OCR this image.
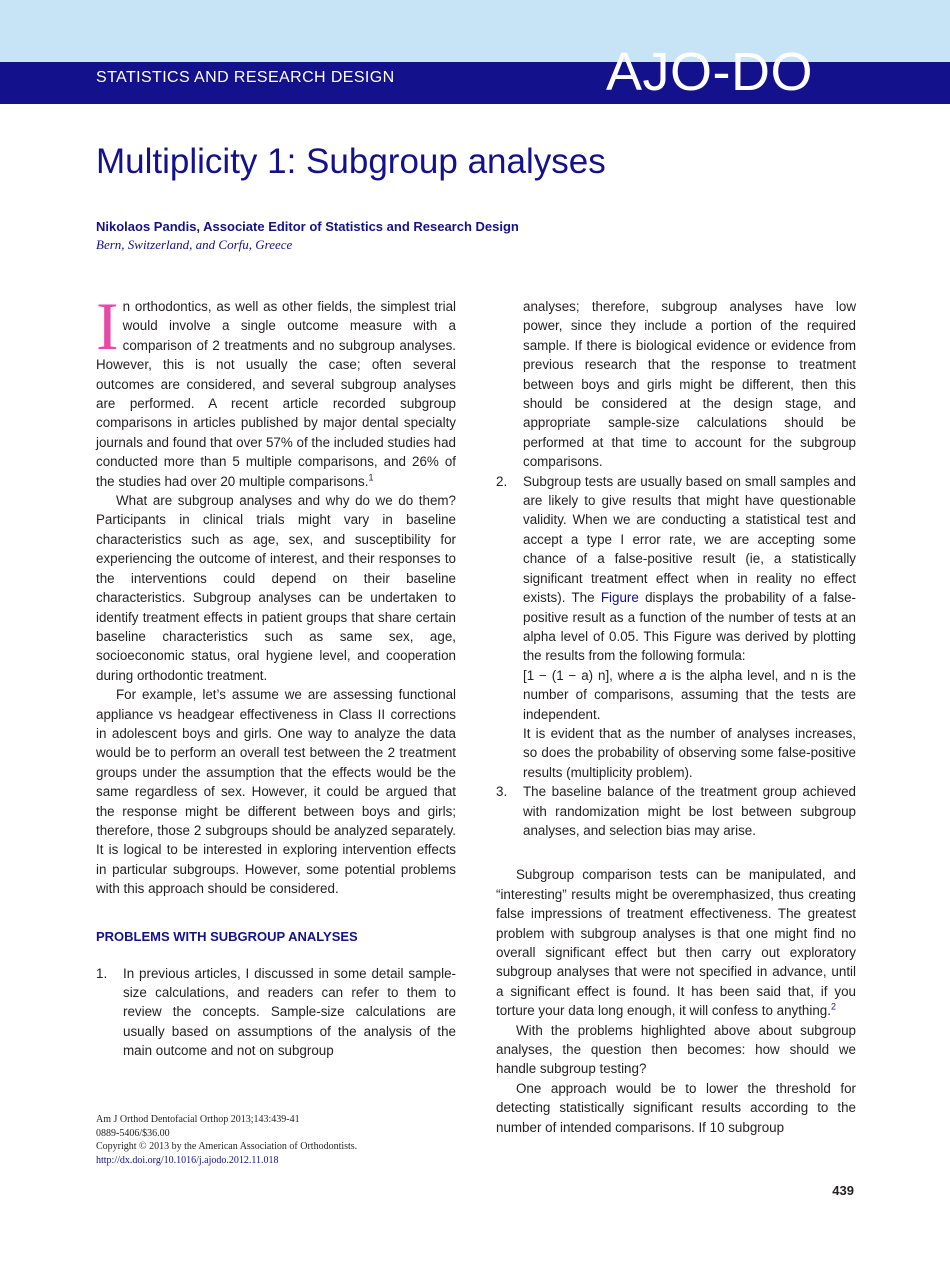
STATISTICS AND RESEARCH DESIGN	AJO-DO
Multiplicity 1: Subgroup analyses
Nikolaos Pandis, Associate Editor of Statistics and Research Design
Bern, Switzerland, and Corfu, Greece

In orthodontics, as well as other fields, the simplest trial would involve a single outcome measure with a comparison of 2 treatments and no subgroup analyses. However, this is not usually the case; often several outcomes are considered, and several subgroup analyses are performed. A recent article recorded subgroup comparisons in articles published by major dental specialty journals and found that over 57% of the included studies had conducted more than 5 multiple comparisons, and 26% of the studies had over 20 multiple comparisons.$^1$

What are subgroup analyses and why do we do them? Participants in clinical trials might vary in baseline characteristics such as age, sex, and susceptibility for experiencing the outcome of interest, and their responses to the interventions could depend on their baseline characteristics. Subgroup analyses can be undertaken to identify treatment effects in patient groups that share certain baseline characteristics such as same sex, age, socioeconomic status, oral hygiene level, and cooperation during orthodontic treatment.

For example, let’s assume we are assessing functional appliance vs headgear effectiveness in Class II corrections in adolescent boys and girls. One way to analyze the data would be to perform an overall test between the 2 treatment groups under the assumption that the effects would be the same regardless of sex. However, it could be argued that the response might be different between boys and girls; therefore, those 2 subgroups should be analyzed separately. It is logical to be interested in exploring intervention effects in particular subgroups. However, some potential problems with this approach should be considered.

PROBLEMS WITH SUBGROUP ANALYSES
1. In previous articles, I discussed in some detail sample-size calculations, and readers can refer to them to review the concepts. Sample-size calculations are usually based on assumptions of the analysis of the main outcome and not on subgroup
analyses; therefore, subgroup analyses have low power, since they include a portion of the required sample. If there is biological evidence or evidence from previous research that the response to treatment between boys and girls might be different, then this should be considered at the design stage, and appropriate sample-size calculations should be performed at that time to account for the subgroup comparisons.
2. Subgroup tests are usually based on small samples and are likely to give results that might have questionable validity. When we are conducting a statistical test and accept a type I error rate, we are accepting some chance of a false-positive result (ie, a statistically significant treatment effect when in reality no effect exists). The Figure displays the probability of a false-positive result as a function of the number of tests at an alpha level of 0.05. This Figure was derived by plotting the results from the following formula:
[1 − (1 − a) n], where a is the alpha level, and n is the number of comparisons, assuming that the tests are independent.
It is evident that as the number of analyses increases, so does the probability of observing some false-positive results (multiplicity problem).
3. The baseline balance of the treatment group achieved with randomization might be lost between subgroup analyses, and selection bias may arise.

Subgroup comparison tests can be manipulated, and “interesting” results might be overemphasized, thus creating false impressions of treatment effectiveness. The greatest problem with subgroup analyses is that one might find no overall significant effect but then carry out exploratory subgroup analyses that were not specified in advance, until a significant effect is found. It has been said that, if you torture your data long enough, it will confess to anything.$^2$

With the problems highlighted above about subgroup analyses, the question then becomes: how should we handle subgroup testing?

One approach would be to lower the threshold for detecting statistically significant results according to the number of intended comparisons. If 10 subgroup

Am J Orthod Dentofacial Orthop 2013;143:439-41
0889-5406/$36.00
Copyright © 2013 by the American Association of Orthodontists.
http://dx.doi.org/10.1016/j.ajodo.2012.11.018
439
